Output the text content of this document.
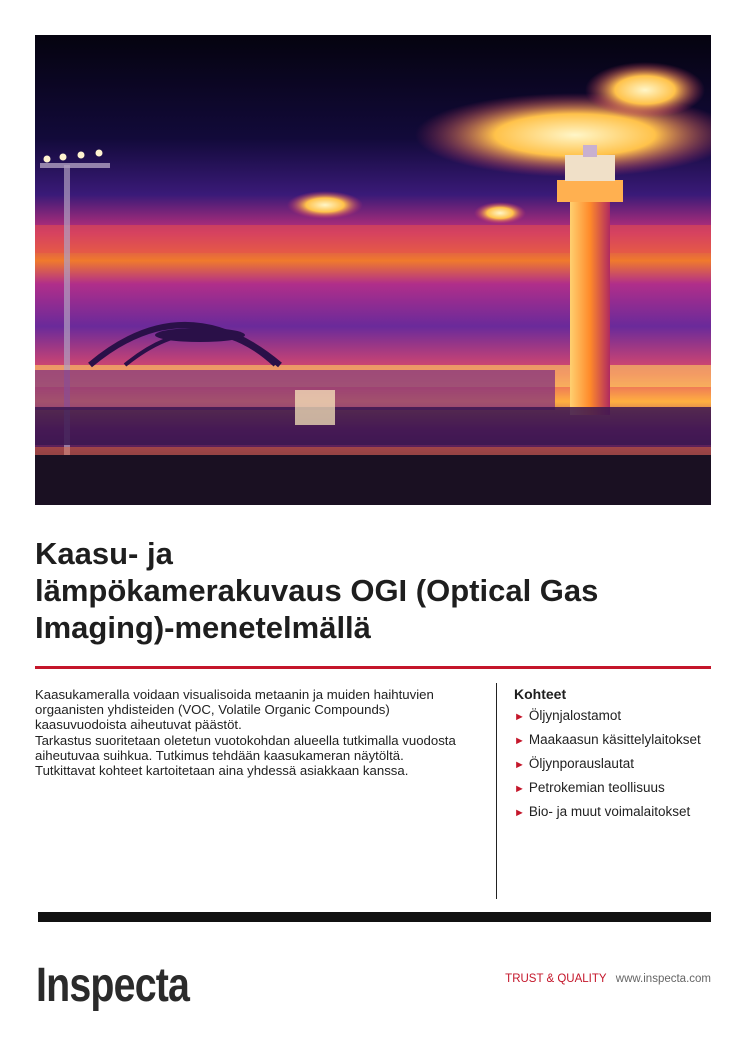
Kaasu- ja
lämpökamerakuvaus OGI (Optical Gas
Imaging)-menetelmällä

Kaasukameralla voidaan visualisoida metaanin ja muiden haihtuvien orgaanisten yhdisteiden (VOC, Volatile Organic Compounds) kaasuvuodoista aiheutuvat päästöt.

Tarkastus suoritetaan oletetun vuotokohdan alueella tutkimalla vuodosta aiheutuvaa suihkua. Tutkimus tehdään kaasukameran näytöltä. Tutkittavat kohteet kartoitetaan aina yhdessä asiakkaan kanssa.

Kohteet
► Öljynjalostamot
► Maakaasun käsittelylaitokset
► Öljynporauslautat
► Petrokemian teollisuus
► Bio- ja muut voimalaitokset
Inspecta	TRUST & QUALITY www.inspecta.com
